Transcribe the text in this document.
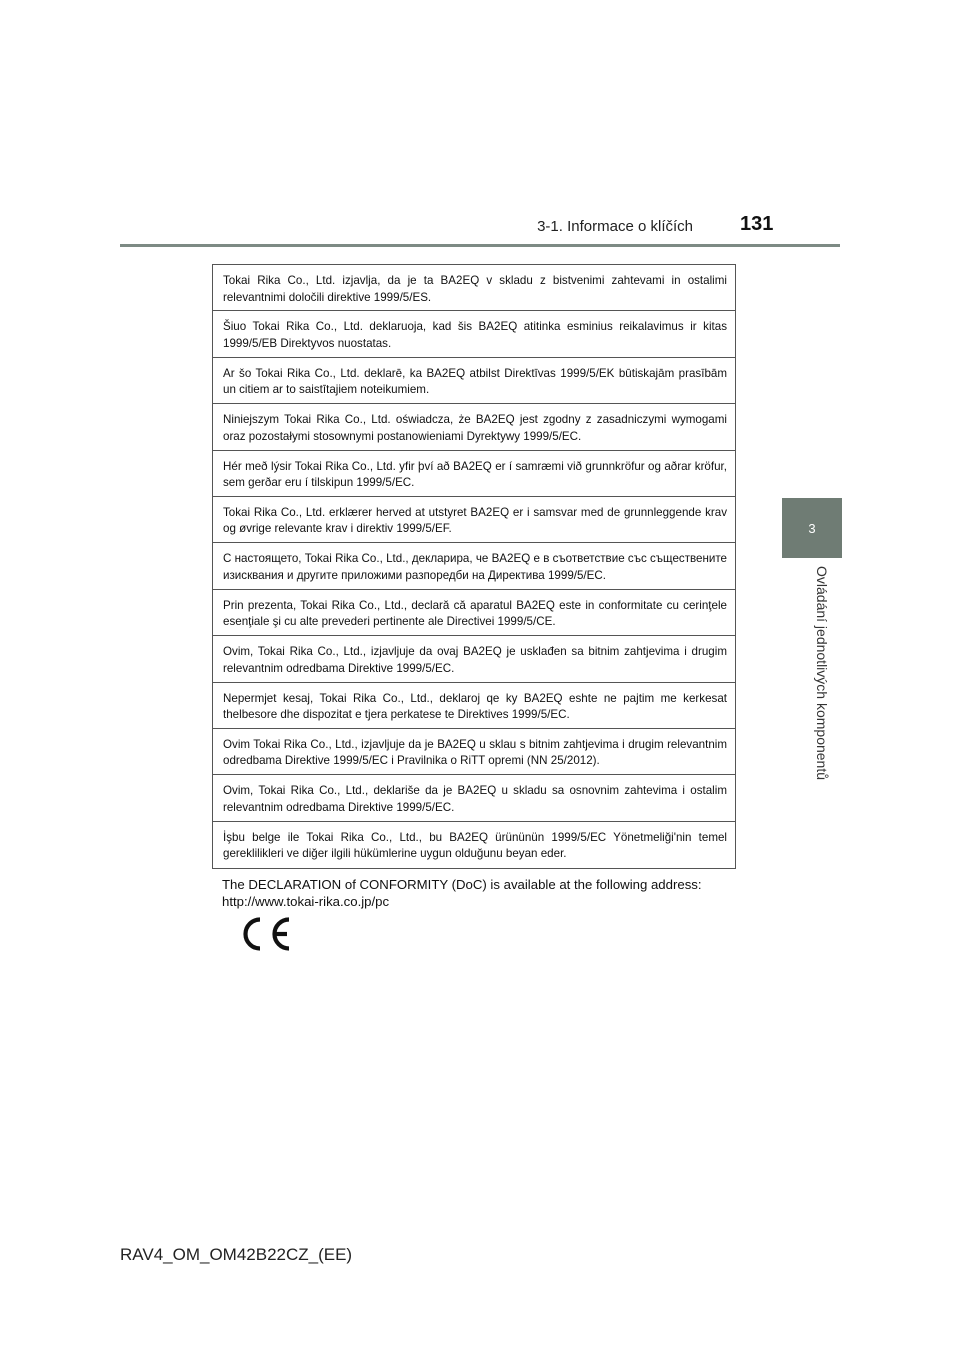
3-1. Informace o klíčích 131
3
Ovládání jednotlivých komponentů
Tokai Rika Co., Ltd. izjavlja, da je ta BA2EQ v skladu z bistvenimi zahtevami in ostalimi relevantnimi določili direktive 1999/5/ES.
Šiuo Tokai Rika Co., Ltd. deklaruoja, kad šis BA2EQ atitinka esminius reikalavimus ir kitas 1999/5/EB Direktyvos nuostatas.
Ar šo Tokai Rika Co., Ltd. deklarē, ka BA2EQ atbilst Direktīvas 1999/5/EK būtiskajām prasībām un citiem ar to saistītajiem noteikumiem.
Niniejszym Tokai Rika Co., Ltd. oświadcza, że BA2EQ jest zgodny z zasadniczymi wymogami oraz pozostałymi stosownymi postanowieniami Dyrektywy 1999/5/EC.
Hér með lýsir Tokai Rika Co., Ltd. yfir því að BA2EQ er í samræmi við grunnkröfur og aðrar kröfur, sem gerðar eru í tilskipun 1999/5/EC.
Tokai Rika Co., Ltd. erklærer herved at utstyret BA2EQ er i samsvar med de grunnleggende krav og øvrige relevante krav i direktiv 1999/5/EF.
С настоящето, Tokai Rika Co., Ltd., декларира, че BA2EQ е в съответствие със съществените изисквания и другите приложими разпоредби на Директива 1999/5/EC.
Prin prezenta, Tokai Rika Co., Ltd., declară că aparatul BA2EQ este in conformitate cu cerinţele esenţiale şi cu alte prevederi pertinente ale Directivei 1999/5/CE.
Ovim, Tokai Rika Co., Ltd., izjavljuje da ovaj BA2EQ je usklađen sa bitnim zahtjevima i drugim relevantnim odredbama Direktive 1999/5/EC.
Nepermjet kesaj, Tokai Rika Co., Ltd., deklaroj qe ky BA2EQ eshte ne pajtim me kerkesat thelbesore dhe dispozitat e tjera perkatese te Direktives 1999/5/EC.
Ovim Tokai Rika Co., Ltd., izjavljuje da je BA2EQ u sklau s bitnim zahtjevima i drugim relevantnim odredbama Direktive 1999/5/EC i Pravilnika o RiTT opremi (NN 25/2012).
Ovim, Tokai Rika Co., Ltd., deklariše da je BA2EQ u skladu sa osnovnim zahtevima i ostalim relevantnim odredbama Direktive 1999/5/EC.
İşbu belge ile Tokai Rika Co., Ltd., bu BA2EQ ürününün 1999/5/EC Yönetmeliği'nin temel gereklilikleri ve diğer ilgili hükümlerine uygun olduğunu beyan eder.
The DECLARATION of CONFORMITY (DoC) is available at the following address:
http://www.tokai-rika.co.jp/pc
RAV4_OM_OM42B22CZ_(EE)
